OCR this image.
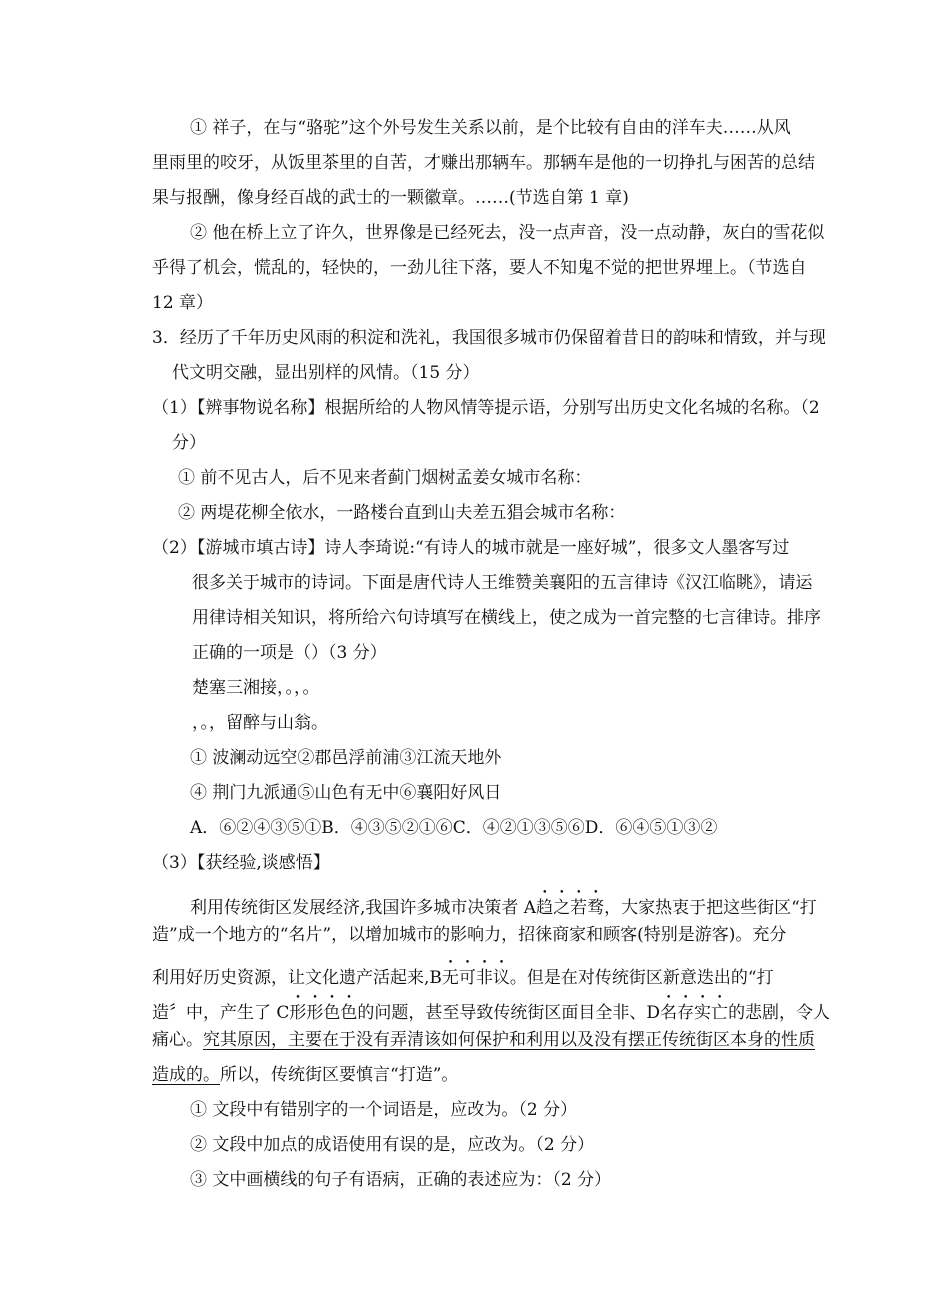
① 祥子，在与“骆驼”这个外号发生关系以前，是个比较有自由的洋车夫……从风
里雨里的咬牙，从饭里茶里的自苦，才赚出那辆车。那辆车是他的一切挣扎与困苦的总结
果与报酬，像身经百战的武士的一颗徽章。……(节选自第 1 章)
② 他在桥上立了许久，世界像是已经死去，没一点声音，没一点动静，灰白的雪花似
乎得了机会，慌乱的，轻快的，一劲儿往下落，要人不知鬼不觉的把世界埋上。（节选自
12 章）
3．经历了千年历史风雨的积淀和洗礼，我国很多城市仍保留着昔日的韵味和情致，并与现
代文明交融，显出别样的风情。（15 分）
（1）【辨事物说名称】根据所给的人物风情等提示语，分别写出历史文化名城的名称。（2
分）
① 前不见古人，后不见来者蓟门烟树孟姜女城市名称：
② 两堤花柳全依水，一路楼台直到山夫差五猖会城市名称：
（2）【游城市填古诗】诗人李琦说:“有诗人的城市就是一座好城”，很多文人墨客写过
很多关于城市的诗词。下面是唐代诗人王维赞美襄阳的五言律诗《汉江临眺》，请运
用律诗相关知识，将所给六句诗填写在横线上，使之成为一首完整的七言律诗。排序
正确的一项是（）（3 分）
楚塞三湘接，。，。
，。，留醉与山翁。
① 波澜动远空②郡邑浮前浦③江流天地外
④ 荆门九派通⑤山色有无中⑥襄阳好风日
A．⑥②④③⑤①B．④③⑤②①⑥C．④②①③⑤⑥D．⑥④⑤①③②
（3）【获经验,谈感悟】
利用传统街区发展经济,我国许多城市决策者 A趋之若骛，大家热衷于把这些街区“打
造”成一个地方的“名片”，以增加城市的影响力，招徕商家和顾客(特别是游客)。充分
利用好历史资源，让文化遗产活起来,B无可非议。但是在对传统街区新意迭出的“打
造〞中，产生了 C形形色色的问题，甚至导致传统街区面目全非、D名存实亡的悲剧，令人
痛心。究其原因，主要在于没有弄清该如何保护和利用以及没有摆正传统街区本身的性质
造成的。所以，传统街区要慎言“打造”。
① 文段中有错别字的一个词语是，应改为。（2 分）
② 文段中加点的成语使用有误的是，应改为。（2 分）
③ 文中画横线的句子有语病，正确的表述应为：（2 分）
